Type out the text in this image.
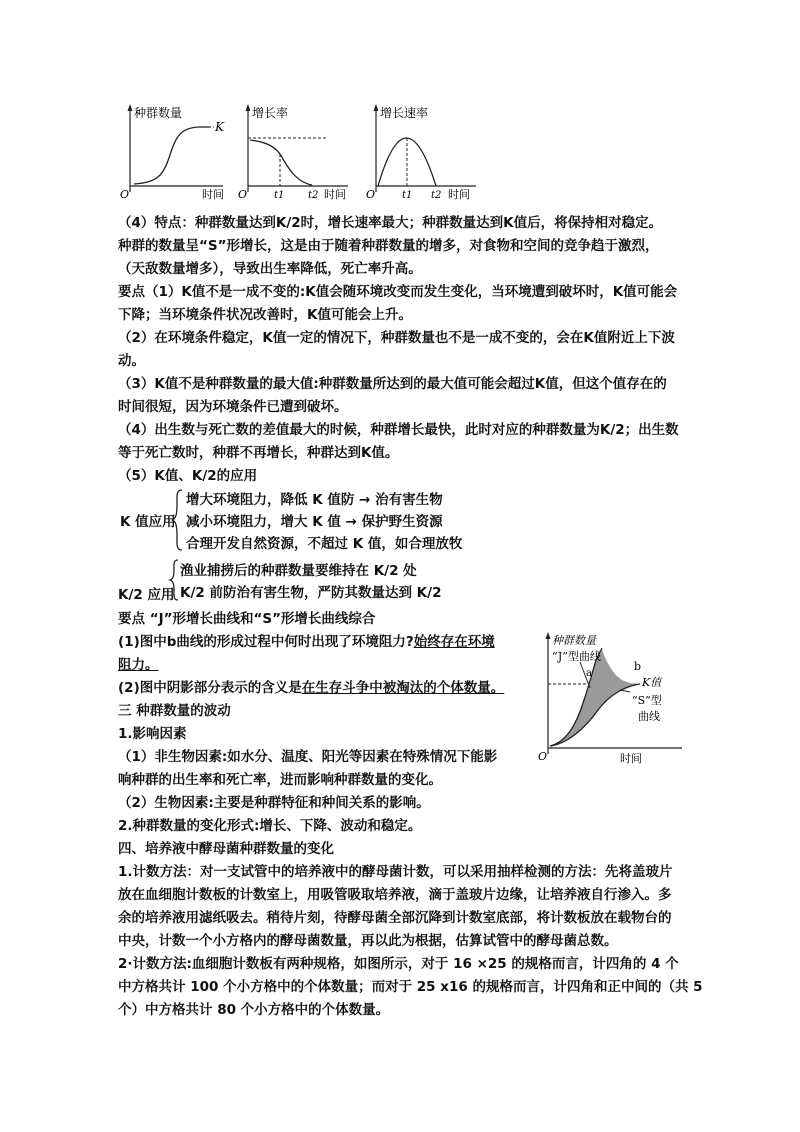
种群数量
K
O	时间
增长率
O	t1 t2 时间
增长速率
O	t1 t2 时间
（4）特点：种群数量达到K/2时，增长速率最大；种群数量达到K值后，将保持相对稳定。
种群的数量呈“S”形增长，这是由于随着种群数量的增多，对食物和空间的竞争趋于激烈，
（天敌数量增多），导致出生率降低，死亡率升高。
要点（1）K值不是一成不变的:K值会随环境改变而发生变化，当环境遭到破坏时，K值可能会
下降；当环境条件状况改善时，K值可能会上升。
（2）在环境条件稳定，K值一定的情况下，种群数量也不是一成不变的，会在K值附近上下波
动。
（3）K值不是种群数量的最大值:种群数量所达到的最大值可能会超过K值，但这个值存在的
时间很短，因为环境条件已遭到破坏。
（4）出生数与死亡数的差值最大的时候，种群增长最快，此时对应的种群数量为K/2；出生数
等于死亡数时，种群不再增长，种群达到K值。
（5）K值、K/2的应用
K 值应用
增大环境阻力，降低 K 值防 → 治有害生物
减小环境阻力，增大 K 值 → 保护野生资源
合理开发自然资源，不超过 K 值，如合理放牧
K/2 应用
渔业捕捞后的种群数量要维持在 K/2 处
K/2 前防治有害生物，严防其数量达到 K/2
要点 “J”形增长曲线和“S”形增长曲线综合
(1)图中b曲线的形成过程中何时出现了环境阻力?始终存在环境
阻力。
(2)图中阴影部分表示的含义是在生存斗争中被淘汰的个体数量。
三 种群数量的波动
1.影响因素
（1）非生物因素:如水分、温度、阳光等因素在特殊情况下能影
响种群的出生率和死亡率，进而影响种群数量的变化。
（2）生物因素:主要是种群特征和种间关系的影响。
2.种群数量的变化形式:增长、下降、波动和稳定。
四、培养液中酵母菌种群数量的变化
1.计数方法：对一支试管中的培养液中的酵母菌计数，可以采用抽样检测的方法：先将盖玻片
放在血细胞计数板的计数室上，用吸管吸取培养液，滴于盖玻片边缘，让培养液自行渗入。多
余的培养液用滤纸吸去。稍待片刻，待酵母菌全部沉降到计数室底部，将计数板放在载物台的
中央，计数一个小方格内的酵母菌数量，再以此为根据，估算试管中的酵母菌总数。
2·计数方法:血细胞计数板有两种规格，如图所示，对于 16 ×25 的规格而言，计四角的 4 个
中方格共计 100 个小方格中的个体数量；而对于 25 x16 的规格而言，计四角和正中间的（共 5
个）中方格共计 80 个小方格中的个体数量。
种群数量
“J”型曲线
a
b
K值
“S”型
曲线
O	时间
